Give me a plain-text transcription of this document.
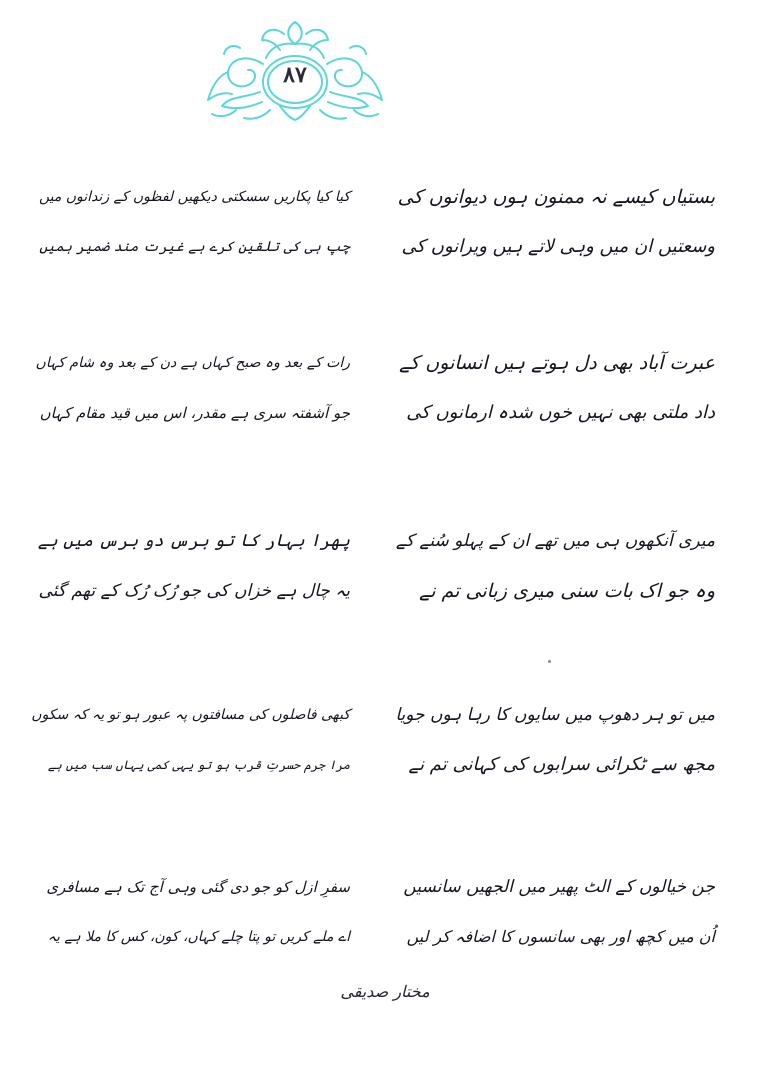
۸۷
بستیاں کیسے نہ ممنون ہوں دیوانوں کی
وسعتیں ان میں وہی لاتے ہیں ویرانوں کی
کیا کیا پکاریں سسکتی دیکھیں لفظوں کے زندانوں میں
چپ ہی کی تلقین کرے ہے غیرت مند ضمیر ہمیں
عبرت آباد بھی دل ہوتے ہیں انسانوں کے
داد ملتی بھی نہیں خوں شدہ ارمانوں کی
رات کے بعد وہ صبح کہاں ہے دن کے بعد وہ شام کہاں
جو آشفتہ سری ہے مقدر، اس میں قید مقام کہاں
میری آنکھوں ہی میں تھے ان کے پہلو سُنے کے
وہ جو اک بات سنی میری زبانی تم نے
پھرا بہار کا تو برس دو برس میں ہے
یہ چال ہے خزاں کی جو رُک رُک کے تھم گئی
میں تو ہر دھوپ میں سایوں کا رہا ہوں جویا
مجھ سے ٹکرائی سرابوں کی کہانی تم نے
کبھی فاصلوں کی مسافتوں پہ عبور ہو تو یہ کہ سکوں
مرا جرم حسرتِ قرب ہو تو یہی کمی یہاں سب میں ہے
جن خیالوں کے الٹ پھیر میں الجھیں سانسیں
اُن میں کچھ اور بھی سانسوں کا اضافہ کر لیں
سفرِ ازل کو جو دی گئی وہی آج تک ہے مسافری
اے ملے کریں تو پتا چلے کہاں، کون، کس کا ملا ہے یہ
مختار صدیقی
